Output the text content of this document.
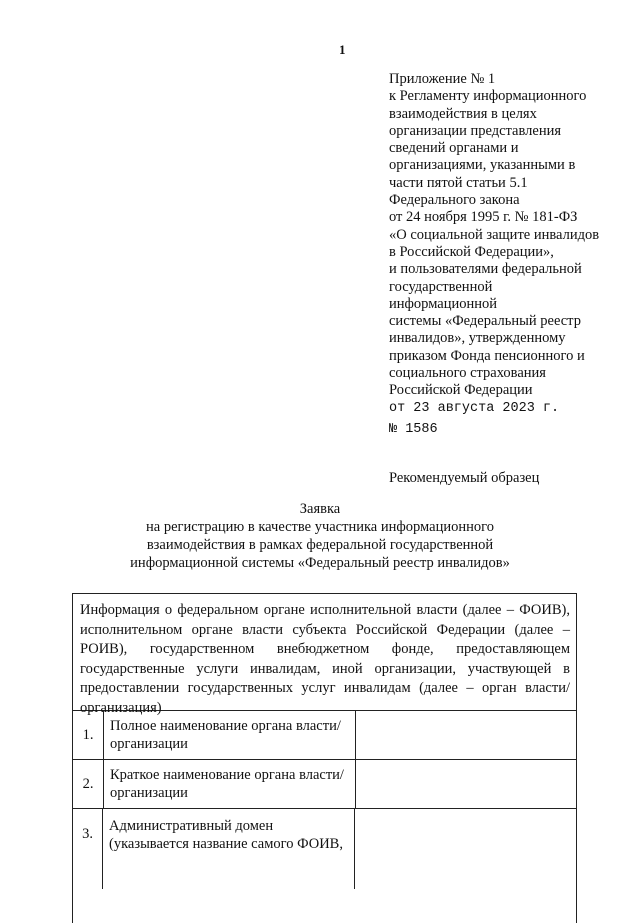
1
Приложение № 1
к Регламенту информационного
взаимодействия в целях
организации представления
сведений органами и
организациями, указанными в
части пятой статьи 5.1
Федерального закона
от 24 ноября 1995 г. № 181-ФЗ
«О социальной защите инвалидов
в Российской Федерации»,
и пользователями федеральной
государственной
информационной
системы «Федеральный реестр
инвалидов», утвержденному
приказом Фонда пенсионного и
социального страхования
Российской Федерации
от 23 августа 2023 г.
№ 1586
Рекомендуемый образец
Заявка
на регистрацию в качестве участника информационного
взаимодействия в рамках федеральной государственной
информационной системы «Федеральный реестр инвалидов»
Информация о федеральном органе исполнительной власти (далее – ФОИВ), исполнительном органе власти субъекта Российской Федерации (далее – РОИВ), государственном внебюджетном фонде, предоставляющем государственные услуги инвалидам, иной организации, участвующей в предоставлении государственных услуг инвалидам (далее – орган власти/организация)
1.
Полное наименование органа власти/организации
2.
Краткое наименование органа власти/организации
3.	Административный домен (указывается название самого ФОИВ,
